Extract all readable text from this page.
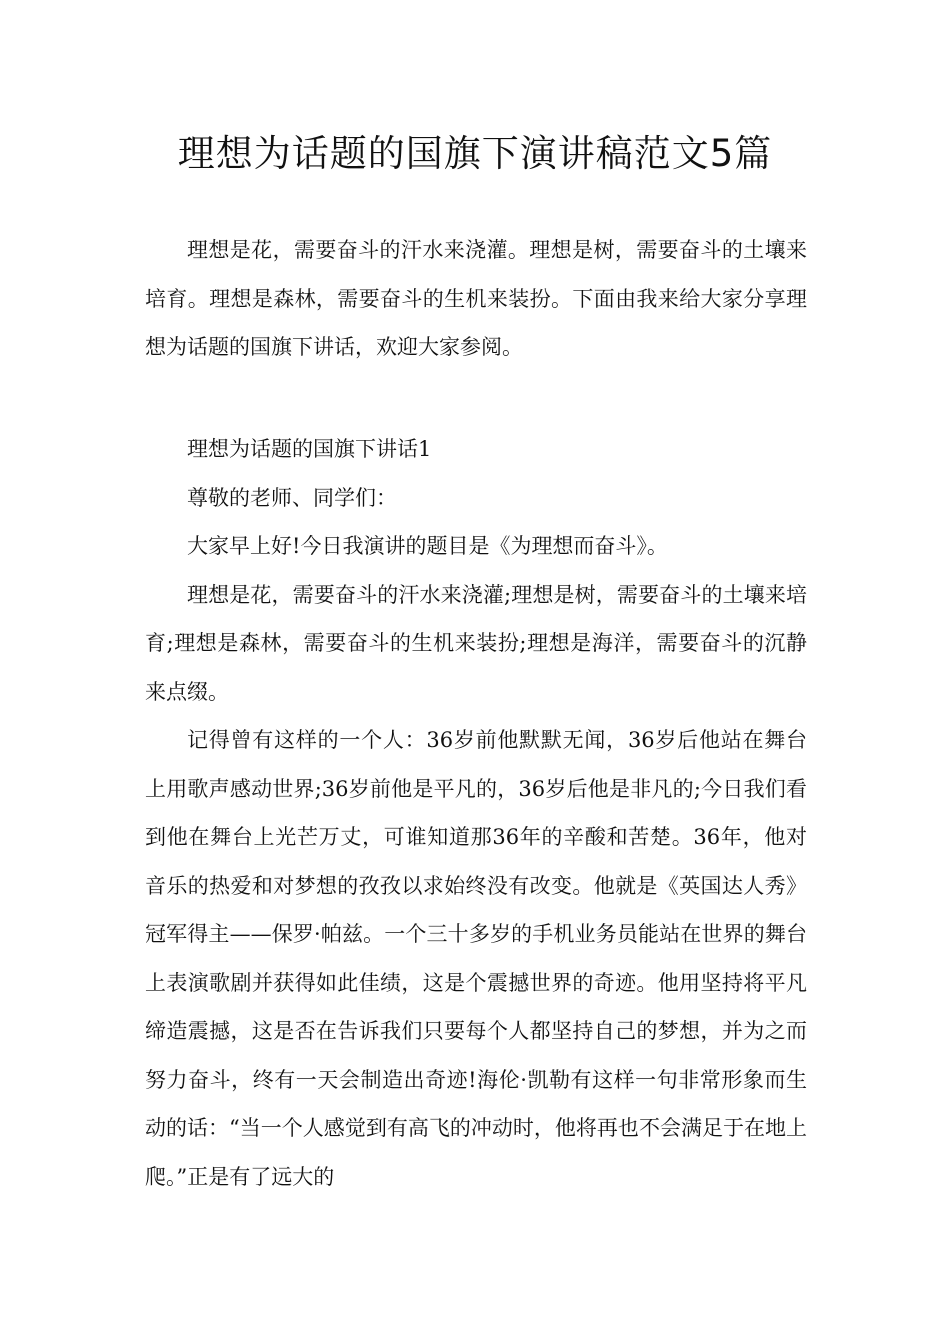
理想为话题的国旗下演讲稿范文5篇

理想是花，需要奋斗的汗水来浇灌。理想是树，需要奋斗的土壤来培育。理想是森林，需要奋斗的生机来装扮。下面由我来给大家分享理想为话题的国旗下讲话，欢迎大家参阅。

理想为话题的国旗下讲话1

尊敬的老师、同学们：

大家早上好!今日我演讲的题目是《为理想而奋斗》。

理想是花，需要奋斗的汗水来浇灌;理想是树，需要奋斗的土壤来培育;理想是森林，需要奋斗的生机来装扮;理想是海洋，需要奋斗的沉静来点缀。

记得曾有这样的一个人：36岁前他默默无闻，36岁后他站在舞台上用歌声感动世界;36岁前他是平凡的，36岁后他是非凡的;今日我们看到他在舞台上光芒万丈，可谁知道那36年的辛酸和苦楚。36年，他对音乐的热爱和对梦想的孜孜以求始终没有改变。他就是《英国达人秀》冠军得主——保罗·帕兹。一个三十多岁的手机业务员能站在世界的舞台上表演歌剧并获得如此佳绩，这是个震撼世界的奇迹。他用坚持将平凡缔造震撼，这是否在告诉我们只要每个人都坚持自己的梦想，并为之而努力奋斗，终有一天会制造出奇迹!海伦·凯勒有这样一句非常形象而生动的话：“当一个人感觉到有高飞的冲动时，他将再也不会满足于在地上爬。”正是有了远大的
